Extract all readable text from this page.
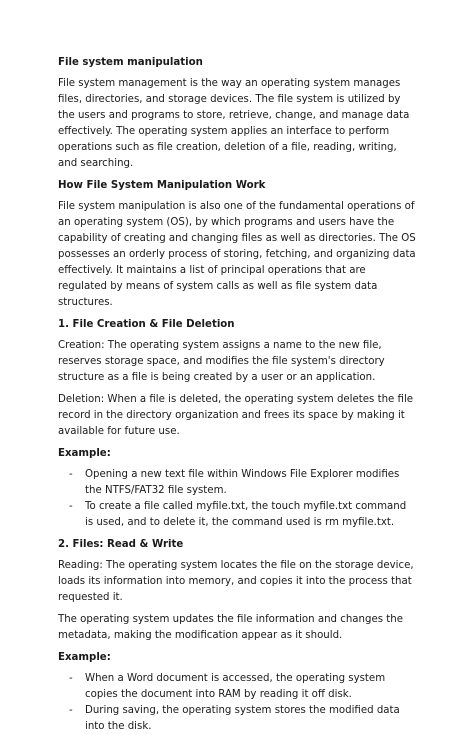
File system manipulation

File system management is the way an operating system manages files, directories, and storage devices. The file system is utilized by the users and programs to store, retrieve, change, and manage data effectively. The operating system applies an interface to perform operations such as file creation, deletion of a file, reading, writing, and searching.

How File System Manipulation Work

File system manipulation is also one of the fundamental operations of an operating system (OS), by which programs and users have the capability of creating and changing files as well as directories. The OS possesses an orderly process of storing, fetching, and organizing data effectively. It maintains a list of principal operations that are regulated by means of system calls as well as file system data structures.

1. File Creation & File Deletion

Creation: The operating system assigns a name to the new file, reserves storage space, and modifies the file system's directory structure as a file is being created by a user or an application.

Deletion: When a file is deleted, the operating system deletes the file record in the directory organization and frees its space by making it available for future use.

Example:
- Opening a new text file within Windows File Explorer modifies the NTFS/FAT32 file system.
- To create a file called myfile.txt, the touch myfile.txt command is used, and to delete it, the command used is rm myfile.txt.
2. Files: Read & Write

Reading: The operating system locates the file on the storage device, loads its information into memory, and copies it into the process that requested it.

The operating system updates the file information and changes the metadata, making the modification appear as it should.

Example:
- When a Word document is accessed, the operating system copies the document into RAM by reading it off disk.
- During saving, the operating system stores the modified data into the disk.
